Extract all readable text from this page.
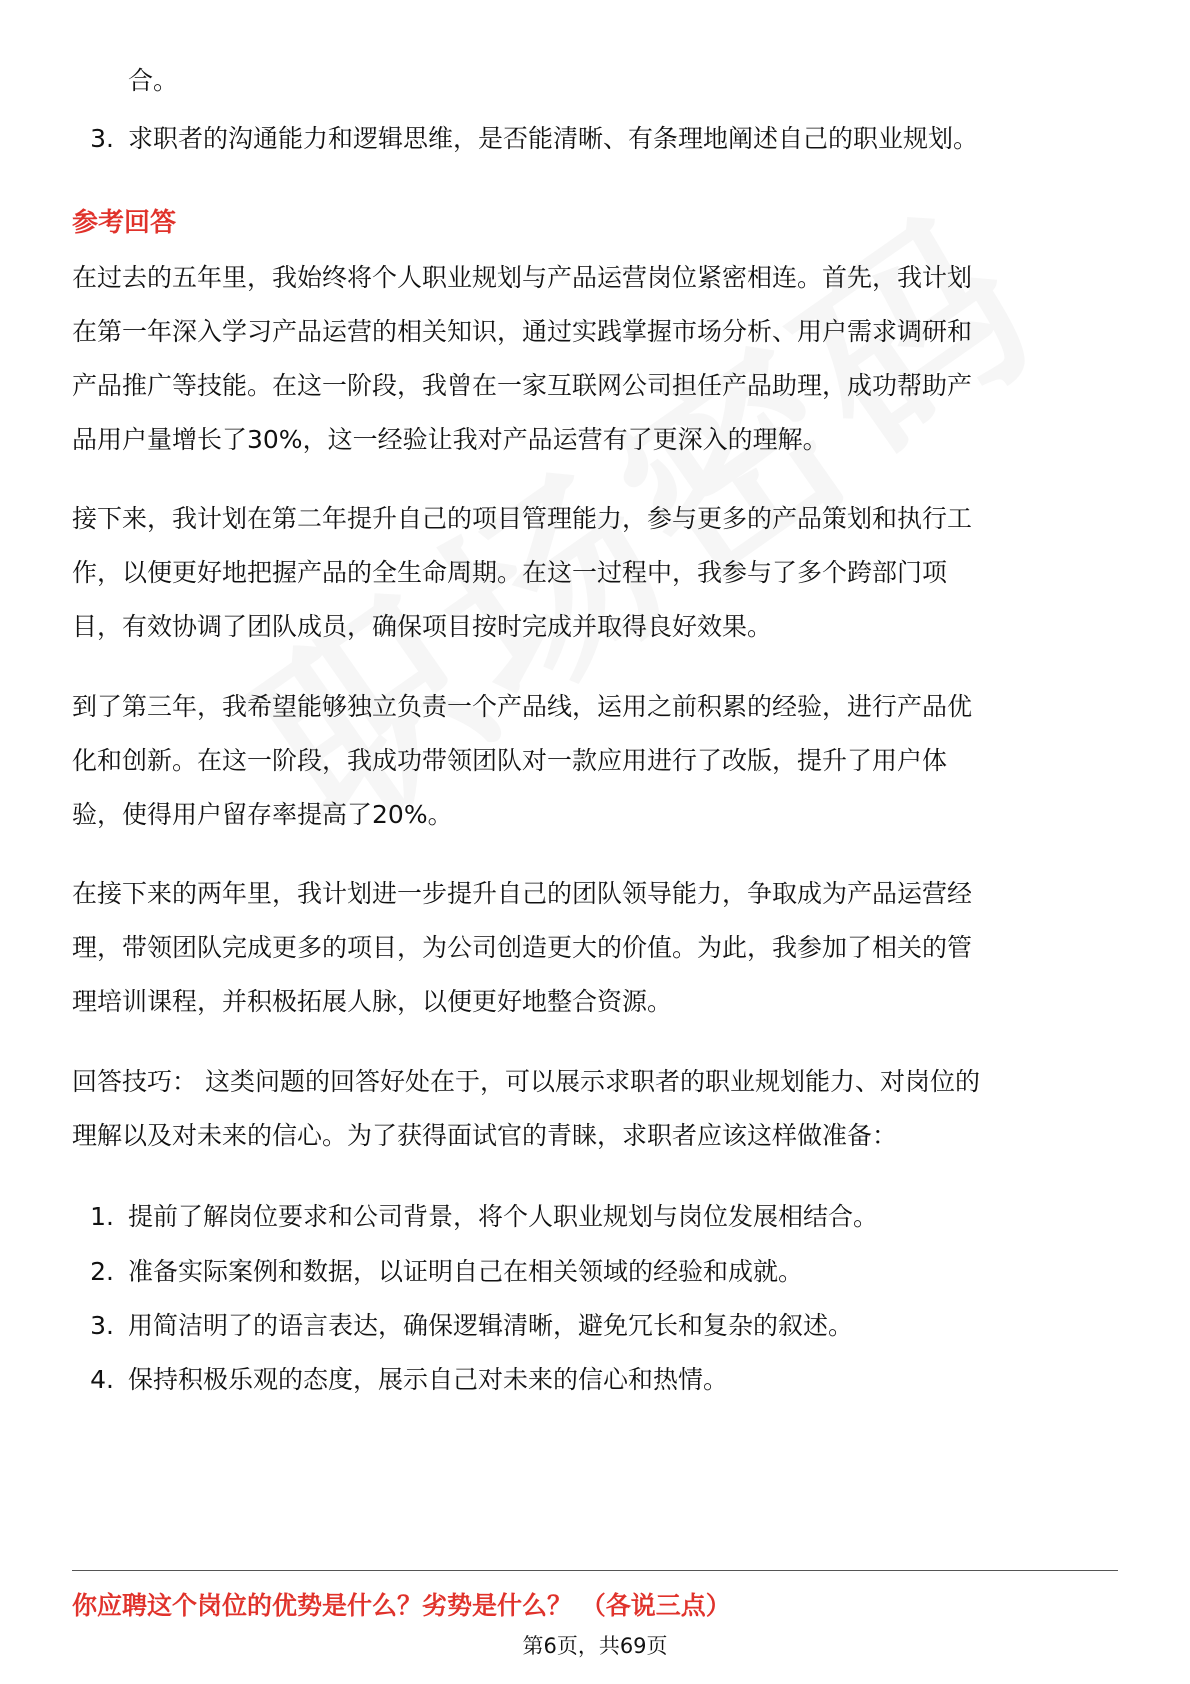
合。
3. 求职者的沟通能力和逻辑思维，是否能清晰、有条理地阐述自己的职业规划。
参考回答
在过去的五年里，我始终将个人职业规划与产品运营岗位紧密相连。首先，我计划
在第一年深入学习产品运营的相关知识，通过实践掌握市场分析、用户需求调研和
产品推广等技能。在这一阶段，我曾在一家互联网公司担任产品助理，成功帮助产
品用户量增长了30%，这一经验让我对产品运营有了更深入的理解。
接下来，我计划在第二年提升自己的项目管理能力，参与更多的产品策划和执行工
作，以便更好地把握产品的全生命周期。在这一过程中，我参与了多个跨部门项
目，有效协调了团队成员，确保项目按时完成并取得良好效果。
到了第三年，我希望能够独立负责一个产品线，运用之前积累的经验，进行产品优
化和创新。在这一阶段，我成功带领团队对一款应用进行了改版，提升了用户体
验，使得用户留存率提高了20%。
在接下来的两年里，我计划进一步提升自己的团队领导能力，争取成为产品运营经
理，带领团队完成更多的项目，为公司创造更大的价值。为此，我参加了相关的管
理培训课程，并积极拓展人脉，以便更好地整合资源。
回答技巧： 这类问题的回答好处在于，可以展示求职者的职业规划能力、对岗位的
理解以及对未来的信心。为了获得面试官的青睐，求职者应该这样做准备：
1. 提前了解岗位要求和公司背景，将个人职业规划与岗位发展相结合。
2. 准备实际案例和数据，以证明自己在相关领域的经验和成就。
3. 用简洁明了的语言表达，确保逻辑清晰，避免冗长和复杂的叙述。
4. 保持积极乐观的态度，展示自己对未来的信心和热情。
你应聘这个岗位的优势是什么？劣势是什么？ （各说三点）
第6页，共69页
